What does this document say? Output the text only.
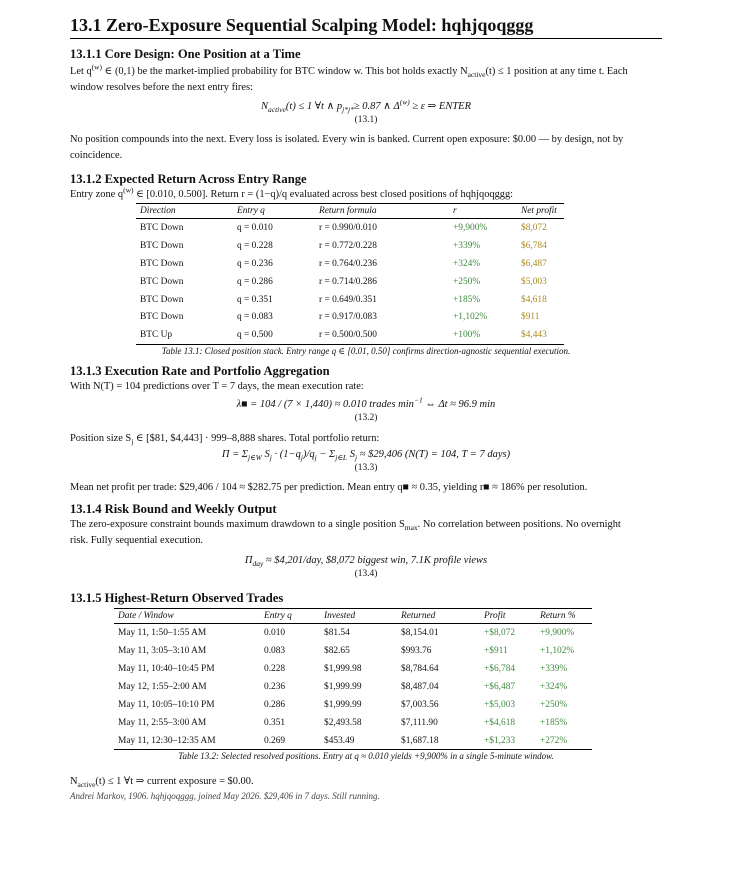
13.1 Zero-Exposure Sequential Scalping Model: hqhjqoqggg
13.1.1 Core Design: One Position at a Time

Let $q^{(w)}$ ∈ (0,1) be the market-implied probability for BTC window w. This bot holds exactly $N_{active}(t) \le 1$ position at any time t. Each
window resolves before the next entry fires:

$N_{active}(t) \le 1$ ∀t ∧ $p_{j*j*}\ge 0.87$ ∧ $\Delta^{(w)} \ge \varepsilon$ ⇒ ENTER
(13.1)

No position compounds into the next. Every loss is isolated. Every win is banked. Current open exposure: $0.00 — by design, not by coincidence.

13.1.2 Expected Return Across Entry Range

Entry zone $q^{(w)}$ ∈ [0.010, 0.500]. Return r = (1−q)/q evaluated across best closed positions of hqhjqoqggg:

Direction	Entry q	Return formula	r	Net profit
BTC Down	q = 0.010	r = 0.990/0.010	+9,900%	$8,072
BTC Down	q = 0.228	r = 0.772/0.228	+339%	$6,784
BTC Down	q = 0.236	r = 0.764/0.236	+324%	$6,487
BTC Down	q = 0.286	r = 0.714/0.286	+250%	$5,003
BTC Down	q = 0.351	r = 0.649/0.351	+185%	$4,618
BTC Down	q = 0.083	r = 0.917/0.083	+1,102%	$911
BTC Up	q = 0.500	r = 0.500/0.500	+100%	$4,443
Table 13.1: Closed position stack. Entry range q ∈ [0.01, 0.50] confirms direction-agnostic sequential execution.
13.1.3 Execution Rate and Portfolio Aggregation

With N(T) = 104 predictions over T = 7 days, the mean execution rate:

λ■ = 104 / (7 × 1,440) ≈ 0.010 trades $\min^{-1}$ ⇔ Δt ≈ 96.9 min
(13.2)

Position size $S_j$ ∈ [$81, $4,443] · 999–8,888 shares. Total portfolio return:

$\Pi = \Sigma_{j\in W}$ $S_j \cdot (1-q_j)/q_j - \Sigma_{j\in L}$ $S_j$ ≈ $29,406 (N(T) = 104, T = 7 days)
(13.3)

Mean net profit per trade: $29,406 / 104 ≈ $282.75 per prediction. Mean entry q■ ≈ 0.35, yielding r■ ≈ 186% per resolution.

13.1.4 Risk Bound and Weekly Output

The zero-exposure constraint bounds maximum drawdown to a single position $S_{max}$. No correlation between positions. No overnight
risk. Fully sequential execution.

$\Pi_{day}$ ≈ $4,201/day, $8,072 biggest win, 7.1K profile views
(13.4)
13.1.5 Highest-Return Observed Trades
Date / Window	Entry q	Invested	Returned	Profit	Return %
May 11, 1:50–1:55 AM	0.010	$81.54	$8,154.01	+$8,072	+9,900%
May 11, 3:05–3:10 AM	0.083	$82.65	$993.76	+$911	+1,102%
May 11, 10:40–10:45 PM	0.228	$1,999.98	$8,784.64	+$6,784	+339%
May 12, 1:55–2:00 AM	0.236	$1,999.99	$8,487.04	+$6,487	+324%
May 11, 10:05–10:10 PM	0.286	$1,999.99	$7,003.56	+$5,003	+250%
May 11, 2:55–3:00 AM	0.351	$2,493.58	$7,111.90	+$4,618	+185%
May 11, 12:30–12:35 AM	0.269	$453.49	$1,687.18	+$1,233	+272%
Table 13.2: Selected resolved positions. Entry at q ≈ 0.010 yields +9,900% in a single 5-minute window.

$N_{active}(t) \le 1$ ∀t ⇒ current exposure = $0.00.

Andrei Markov, 1906. hqhjqoqggg, joined May 2026. $29,406 in 7 days. Still running.
